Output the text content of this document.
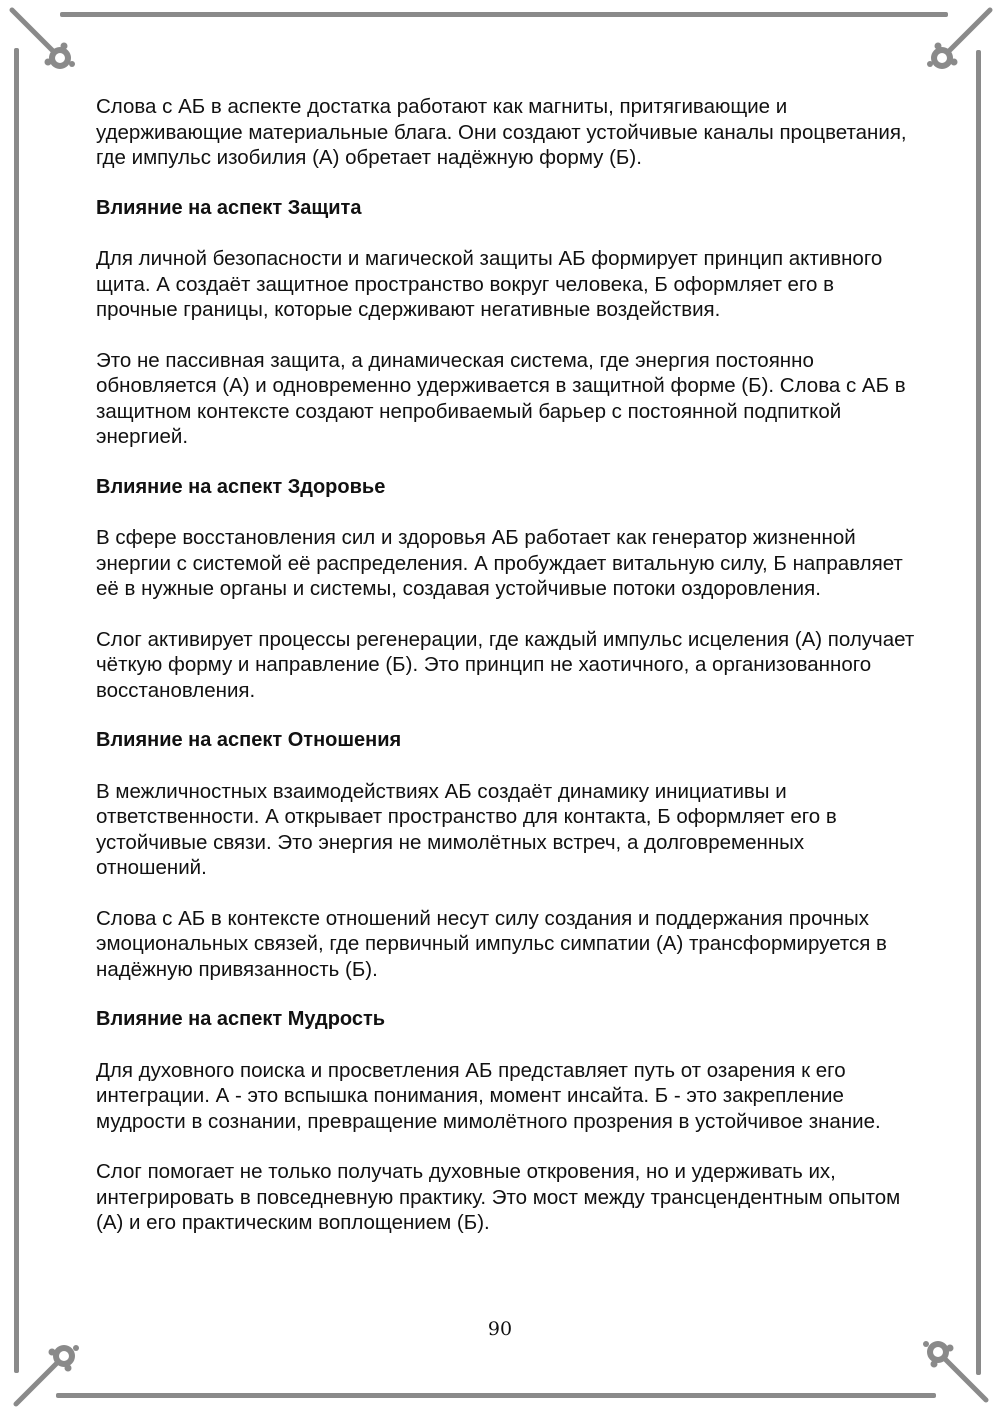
Слова с АБ в аспекте достатка работают как магниты, притягивающие и удерживающие материальные блага. Они создают устойчивые каналы процветания, где импульс изобилия (А) обретает надёжную форму (Б).

Влияние на аспект Защита

Для личной безопасности и магической защиты АБ формирует принцип активного щита. А создаёт защитное пространство вокруг человека, Б оформляет его в прочные границы, которые сдерживают негативные воздействия.

Это не пассивная защита, а динамическая система, где энергия постоянно обновляется (А) и одновременно удерживается в защитной форме (Б). Слова с АБ в защитном контексте создают непробиваемый барьер с постоянной подпиткой энергией.

Влияние на аспект Здоровье

В сфере восстановления сил и здоровья АБ работает как генератор жизненной энергии с системой её распределения. А пробуждает витальную силу, Б направляет её в нужные органы и системы, создавая устойчивые потоки оздоровления.

Слог активирует процессы регенерации, где каждый импульс исцеления (А) получает чёткую форму и направление (Б). Это принцип не хаотичного, а организованного восстановления.

Влияние на аспект Отношения

В межличностных взаимодействиях АБ создаёт динамику инициативы и ответственности. А открывает пространство для контакта, Б оформляет его в устойчивые связи. Это энергия не мимолётных встреч, а долговременных отношений.

Слова с АБ в контексте отношений несут силу создания и поддержания прочных эмоциональных связей, где первичный импульс симпатии (А) трансформируется в надёжную привязанность (Б).

Влияние на аспект Мудрость

Для духовного поиска и просветления АБ представляет путь от озарения к его интеграции. А - это вспышка понимания, момент инсайта. Б - это закрепление мудрости в сознании, превращение мимолётного прозрения в устойчивое знание.

Слог помогает не только получать духовные откровения, но и удерживать их, интегрировать в повседневную практику. Это мост между трансцендентным опытом (А) и его практическим воплощением (Б).

90
